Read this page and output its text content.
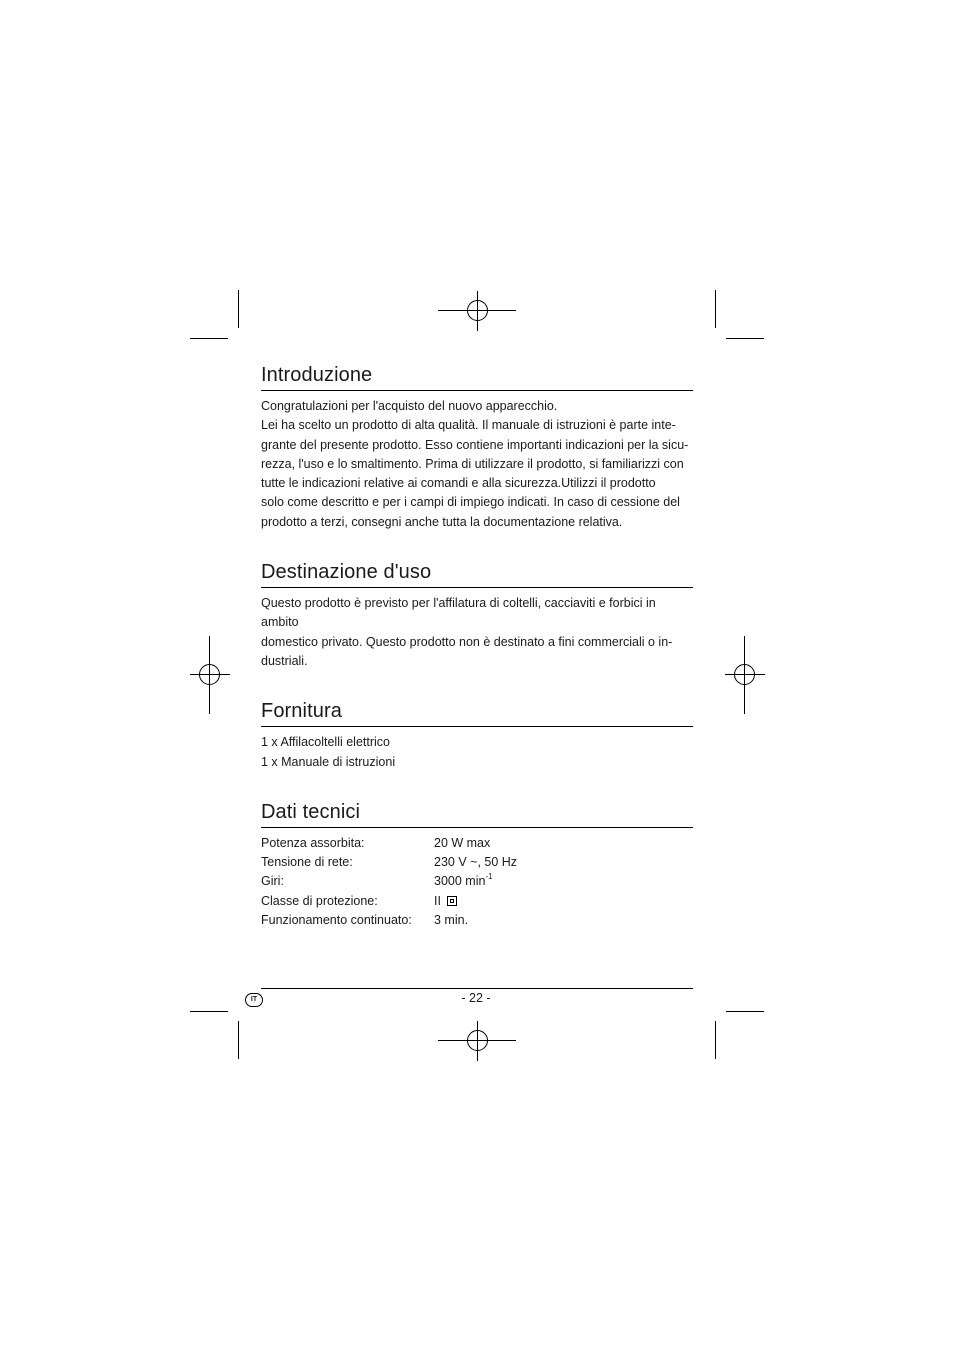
Introduzione
Congratulazioni per l'acquisto del nuovo apparecchio.
Lei ha scelto un prodotto di alta qualità. Il manuale di istruzioni è parte inte-
grante del presente prodotto. Esso contiene importanti indicazioni per la sicu-
rezza, l'uso e lo smaltimento. Prima di utilizzare il prodotto, si familiarizzi con
tutte le indicazioni relative ai comandi e alla sicurezza.Utilizzi il prodotto
solo come descritto e per i campi di impiego indicati. In caso di cessione del
prodotto a terzi, consegni anche tutta la documentazione relativa.
Destinazione d'uso
Questo prodotto è previsto per l'affilatura di coltelli, cacciaviti e forbici in ambito
domestico privato. Questo prodotto non è destinato a fini commerciali o in-
dustriali.
Fornitura
1 x Affilacoltelli elettrico
1 x Manuale di istruzioni
Dati tecnici
Potenza assorbita:	20 W max
Tensione di rete:	230 V ~, 50 Hz
Giri:	3000 $\min^{-1}$
Classe di protezione:	II
Funzionamento continuato:	3 min.
IT	- 22 -
